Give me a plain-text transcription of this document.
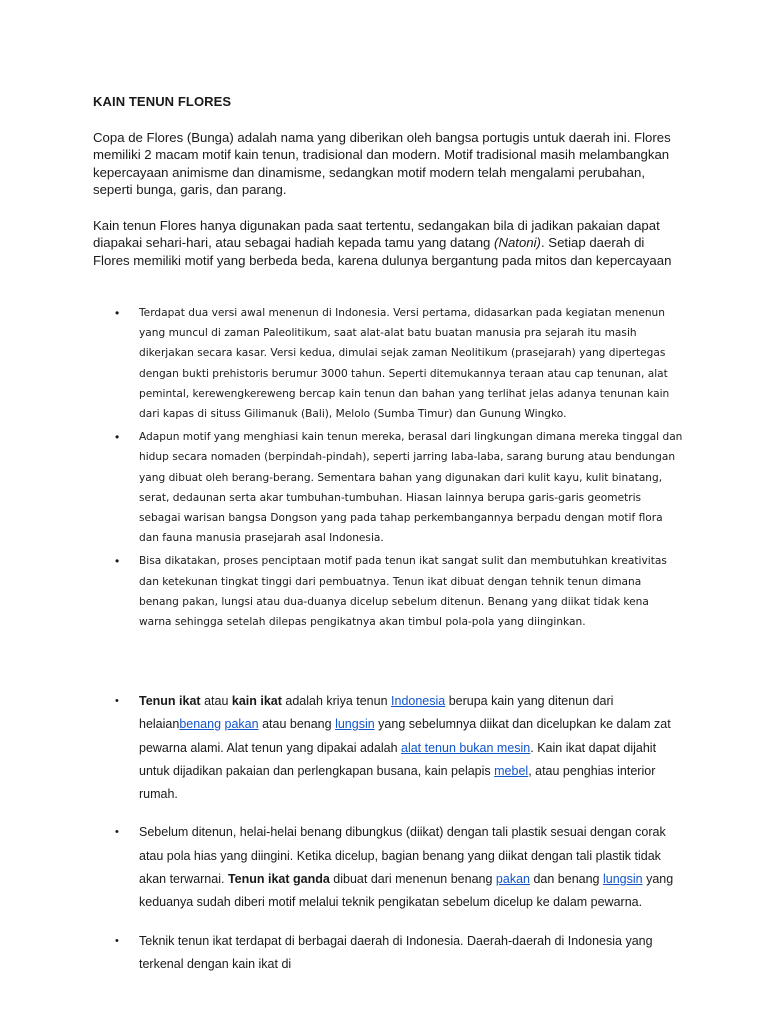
KAIN TENUN FLORES
Copa de Flores (Bunga) adalah nama yang diberikan oleh bangsa portugis untuk daerah ini. Flores memiliki 2 macam motif kain tenun, tradisional dan modern. Motif tradisional masih melambangkan kepercayaan animisme dan dinamisme, sedangkan motif modern telah mengalami perubahan, seperti bunga, garis, dan parang.
Kain tenun Flores hanya digunakan pada saat tertentu, sedangakan bila di jadikan pakaian dapat diapakai sehari-hari, atau sebagai hadiah kepada tamu yang datang (Natoni). Setiap daerah di Flores memiliki motif yang berbeda beda, karena dulunya bergantung pada mitos dan kepercayaan
• Terdapat dua versi awal menenun di Indonesia. Versi pertama, didasarkan pada kegiatan menenun yang muncul di zaman Paleolitikum, saat alat-alat batu buatan manusia pra sejarah itu masih dikerjakan secara kasar. Versi kedua, dimulai sejak zaman Neolitikum (prasejarah) yang dipertegas dengan bukti prehistoris berumur 3000 tahun. Seperti ditemukannya teraan atau cap tenunan, alat pemintal, kerewengkereweng bercap kain tenun dan bahan yang terlihat jelas adanya tenunan kain dari kapas di situss Gilimanuk (Bali), Melolo (Sumba Timur) dan Gunung Wingko.
• Adapun motif yang menghiasi kain tenun mereka, berasal dari lingkungan dimana mereka tinggal dan hidup secara nomaden (berpindah-pindah), seperti jarring laba-laba, sarang burung atau bendungan yang dibuat oleh berang-berang. Sementara bahan yang digunakan dari kulit kayu, kulit binatang, serat, dedaunan serta akar tumbuhan-tumbuhan. Hiasan lainnya berupa garis-garis geometris sebagai warisan bangsa Dongson yang pada tahap perkembangannya berpadu dengan motif flora dan fauna manusia prasejarah asal Indonesia.
• Bisa dikatakan, proses penciptaan motif pada tenun ikat sangat sulit dan membutuhkan kreativitas dan ketekunan tingkat tinggi dari pembuatnya. Tenun ikat dibuat dengan tehnik tenun dimana benang pakan, lungsi atau dua-duanya dicelup sebelum ditenun. Benang yang diikat tidak kena warna sehingga setelah dilepas pengikatnya akan timbul pola-pola yang diinginkan.
• Tenun ikat atau kain ikat adalah kriya tenun Indonesia berupa kain yang ditenun dari helaianbenang pakan atau benang lungsin yang sebelumnya diikat dan dicelupkan ke dalam zat pewarna alami. Alat tenun yang dipakai adalah alat tenun bukan mesin. Kain ikat dapat dijahit untuk dijadikan pakaian dan perlengkapan busana, kain pelapis mebel, atau penghias interior rumah.
• Sebelum ditenun, helai-helai benang dibungkus (diikat) dengan tali plastik sesuai dengan corak atau pola hias yang diingini. Ketika dicelup, bagian benang yang diikat dengan tali plastik tidak akan terwarnai. Tenun ikat ganda dibuat dari menenun benang pakan dan benang lungsin yang keduanya sudah diberi motif melalui teknik pengikatan sebelum dicelup ke dalam pewarna.
• Teknik tenun ikat terdapat di berbagai daerah di Indonesia. Daerah-daerah di Indonesia yang terkenal dengan kain ikat di
